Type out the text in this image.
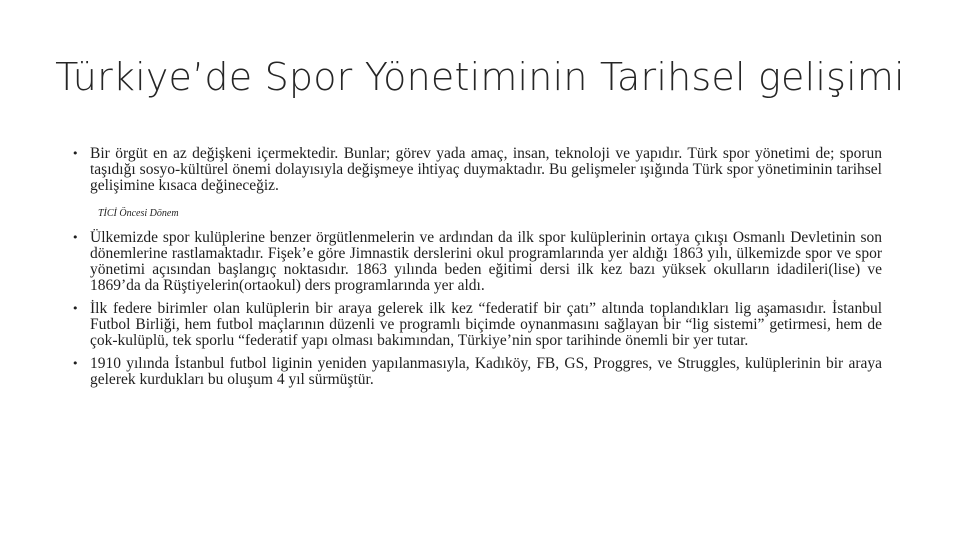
Türkiye’de Spor Yönetiminin Tarihsel gelişimi
• Bir örgüt en az değişkeni içermektedir. Bunlar; görev yada amaç, insan, teknoloji ve yapıdır. Türk spor yönetimi de; sporun taşıdığı sosyo-kültürel önemi dolayısıyla değişmeye ihtiyaç duymaktadır. Bu gelişmeler ışığında Türk spor yönetiminin tarihsel gelişimine kısaca değineceğiz.
TİCİ Öncesi Dönem
• Ülkemizde spor kulüplerine benzer örgütlenmelerin ve ardından da ilk spor kulüplerinin ortaya çıkışı Osmanlı Devletinin son dönemlerine rastlamaktadır. Fişek’e göre Jimnastik derslerini okul programlarında yer aldığı 1863 yılı, ülkemizde spor ve spor yönetimi açısından başlangıç noktasıdır. 1863 yılında beden eğitimi dersi ilk kez bazı yüksek okulların idadileri(lise) ve 1869’da da Rüştiyelerin(ortaokul) ders programlarında yer aldı.
• İlk federe birimler olan kulüplerin bir araya gelerek ilk kez “federatif bir çatı” altında toplandıkları lig aşamasıdır. İstanbul Futbol Birliği, hem futbol maçlarının düzenli ve programlı biçimde oynanmasını sağlayan bir “lig sistemi” getirmesi, hem de çok-kulüplü, tek sporlu “federatif yapı olması bakımından, Türkiye’nin spor tarihinde önemli bir yer tutar.
• 1910 yılında İstanbul futbol liginin yeniden yapılanmasıyla, Kadıköy, FB, GS, Proggres, ve Struggles, kulüplerinin bir araya gelerek kurdukları bu oluşum 4 yıl sürmüştür.
